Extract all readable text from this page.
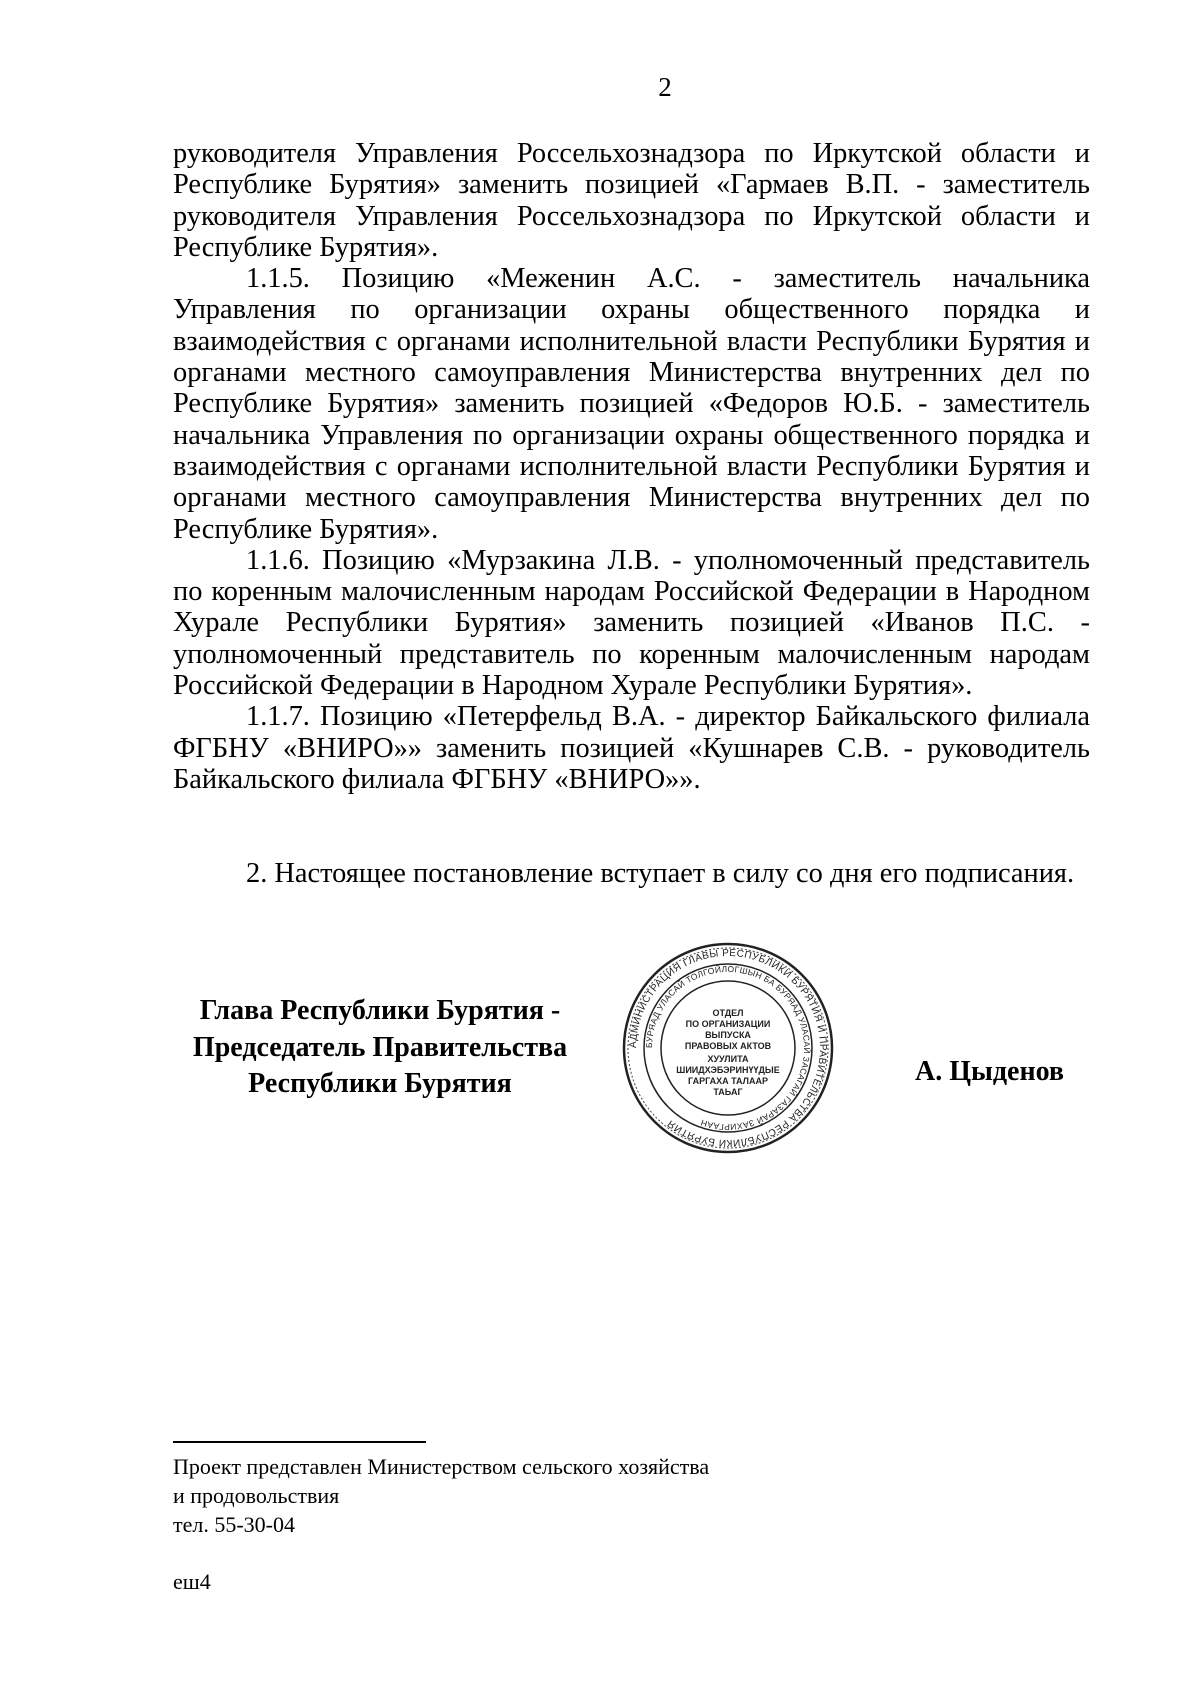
2

руководителя Управления Россельхознадзора по Иркутской области и Республике Бурятия» заменить позицией «Гармаев В.П. - заместитель руководителя Управления Россельхознадзора по Иркутской области и Республике Бурятия».

1.1.5. Позицию «Меженин А.С. - заместитель начальника Управления по организации охраны общественного порядка и взаимодействия с органами исполнительной власти Республики Бурятия и органами местного самоуправления Министерства внутренних дел по Республике Бурятия» заменить позицией «Федоров Ю.Б. - заместитель начальника Управления по организации охраны общественного порядка и взаимодействия с органами исполнительной власти Республики Бурятия и органами местного самоуправления Министерства внутренних дел по Республике Бурятия».

1.1.6. Позицию «Мурзакина Л.В. - уполномоченный представитель по коренным малочисленным народам Российской Федерации в Народном Хурале Республики Бурятия» заменить позицией «Иванов П.С. - уполномоченный представитель по коренным малочисленным народам Российской Федерации в Народном Хурале Республики Бурятия».

1.1.7. Позицию «Петерфельд В.А. - директор Байкальского филиала ФГБНУ «ВНИРО»» заменить позицией «Кушнарев С.В. - руководитель Байкальского филиала ФГБНУ «ВНИРО»».

2. Настоящее постановление вступает в силу со дня его подписания.

Глава Республики Бурятия -
Председатель Правительства
Республики Бурятия
АДМИНИСТРАЦИЯ ГЛАВЫ РЕСПУБЛИКИ БУРЯТИЯ И ПРАВИТЕЛЬСТВА РЕСПУБЛИКИ БУРЯТИЯ
БУРЯАД УЛАСАЙ ТОЛГОЙЛОГШЫН БА БУРЯАД УЛАСАЙ ЗАСАГАЙ ГАЗАРАЙ ЗАХИРГААН
ОТДЕЛ
ПО ОРГАНИЗАЦИИ
ВЫПУСКА
ПРАВОВЫХ АКТОВ
ХУУЛИТА
ШИИДХЭБЭРИНҮҮДЫЕ
ГАРГАХА ТАЛААР
ТАЬАГ
А. Цыденов
Проект представлен Министерством сельского хозяйства
и продовольствия
тел. 55-30-04
еш4
